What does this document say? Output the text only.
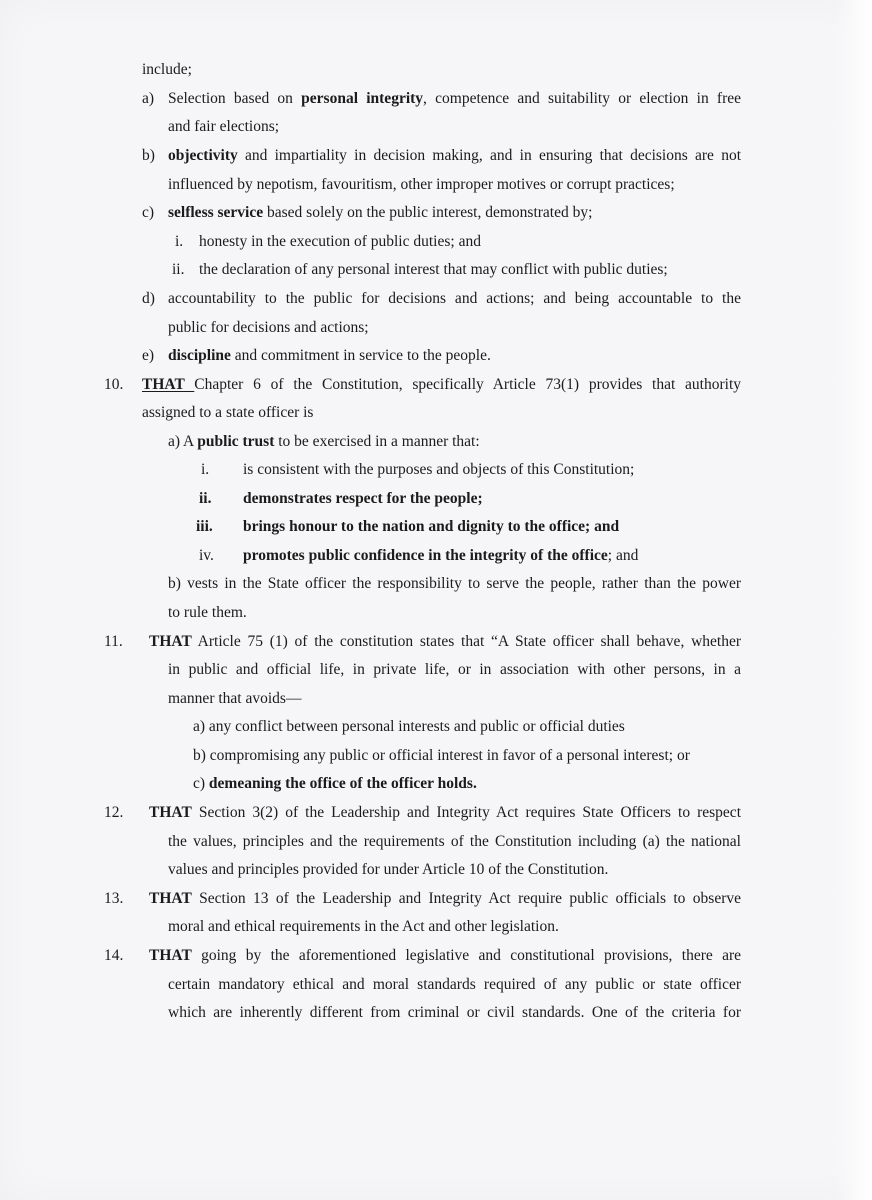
include;
a) Selection based on personal integrity, competence and suitability or election in free
and fair elections;
b) objectivity and impartiality in decision making, and in ensuring that decisions are not
influenced by nepotism, favouritism, other improper motives or corrupt practices;
c) selfless service based solely on the public interest, demonstrated by;
i. honesty in the execution of public duties; and
ii. the declaration of any personal interest that may conflict with public duties;
d) accountability to the public for decisions and actions; and being accountable to the
public for decisions and actions;
e) discipline and commitment in service to the people.
10. THAT Chapter 6 of the Constitution, specifically Article 73(1) provides that authority
assigned to a state officer is
a) A public trust to be exercised in a manner that:
i. is consistent with the purposes and objects of this Constitution;
ii. demonstrates respect for the people;
iii. brings honour to the nation and dignity to the office; and
iv. promotes public confidence in the integrity of the office; and
b) vests in the State officer the responsibility to serve the people, rather than the power
to rule them.
11. THAT Article 75 (1) of the constitution states that “A State officer shall behave, whether
in public and official life, in private life, or in association with other persons, in a
manner that avoids—
a) any conflict between personal interests and public or official duties
b) compromising any public or official interest in favor of a personal interest; or
c) demeaning the office of the officer holds.
12. THAT Section 3(2) of the Leadership and Integrity Act requires State Officers to respect
the values, principles and the requirements of the Constitution including (a) the national
values and principles provided for under Article 10 of the Constitution.
13. THAT Section 13 of the Leadership and Integrity Act require public officials to observe
moral and ethical requirements in the Act and other legislation.
14. THAT going by the aforementioned legislative and constitutional provisions, there are
certain mandatory ethical and moral standards required of any public or state officer
which are inherently different from criminal or civil standards. One of the criteria for
